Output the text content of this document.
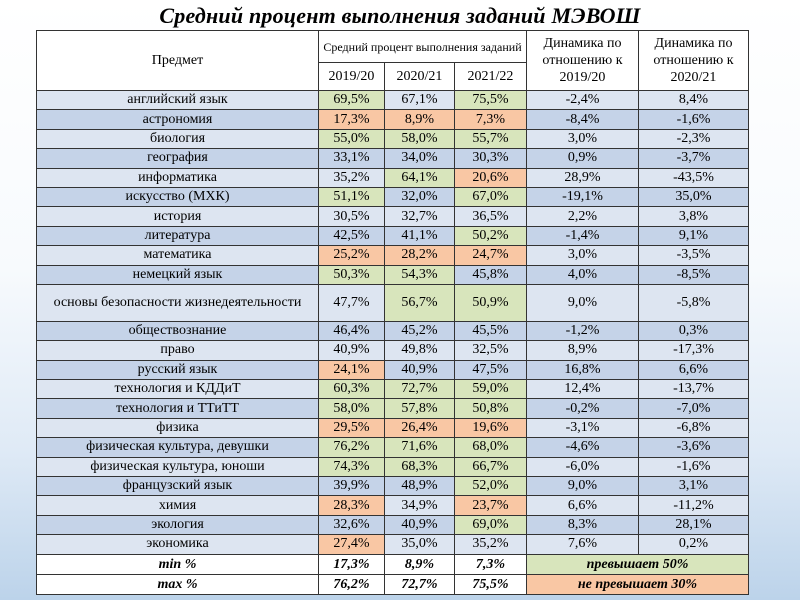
Средний процент выполнения заданий МЭВОШ
Предмет	Средний процент выполнения заданий			Динамика по отношению к 2019/20	Динамика по отношению к 2020/21
	2019/20	2020/21	2021/22		
английский язык	69,5%	67,1%	75,5%	-2,4%	8,4%
астрономия	17,3%	8,9%	7,3%	-8,4%	-1,6%
биология	55,0%	58,0%	55,7%	3,0%	-2,3%
география	33,1%	34,0%	30,3%	0,9%	-3,7%
информатика	35,2%	64,1%	20,6%	28,9%	-43,5%
искусство (МХК)	51,1%	32,0%	67,0%	-19,1%	35,0%
история	30,5%	32,7%	36,5%	2,2%	3,8%
литература	42,5%	41,1%	50,2%	-1,4%	9,1%
математика	25,2%	28,2%	24,7%	3,0%	-3,5%
немецкий язык	50,3%	54,3%	45,8%	4,0%	-8,5%
основы безопасности жизнедеятельности	47,7%	56,7%	50,9%	9,0%	-5,8%
обществознание	46,4%	45,2%	45,5%	-1,2%	0,3%
право	40,9%	49,8%	32,5%	8,9%	-17,3%
русский язык	24,1%	40,9%	47,5%	16,8%	6,6%
технология и КДДиТ	60,3%	72,7%	59,0%	12,4%	-13,7%
технология и ТТиТТ	58,0%	57,8%	50,8%	-0,2%	-7,0%
физика	29,5%	26,4%	19,6%	-3,1%	-6,8%
физическая культура, девушки	76,2%	71,6%	68,0%	-4,6%	-3,6%
физическая культура, юноши	74,3%	68,3%	66,7%	-6,0%	-1,6%
французский язык	39,9%	48,9%	52,0%	9,0%	3,1%
химия	28,3%	34,9%	23,7%	6,6%	-11,2%
экология	32,6%	40,9%	69,0%	8,3%	28,1%
экономика	27,4%	35,0%	35,2%	7,6%	0,2%
min %	17,3%	8,9%	7,3%	превышает 50%	
max %	76,2%	72,7%	75,5%	не превышает 30%	
